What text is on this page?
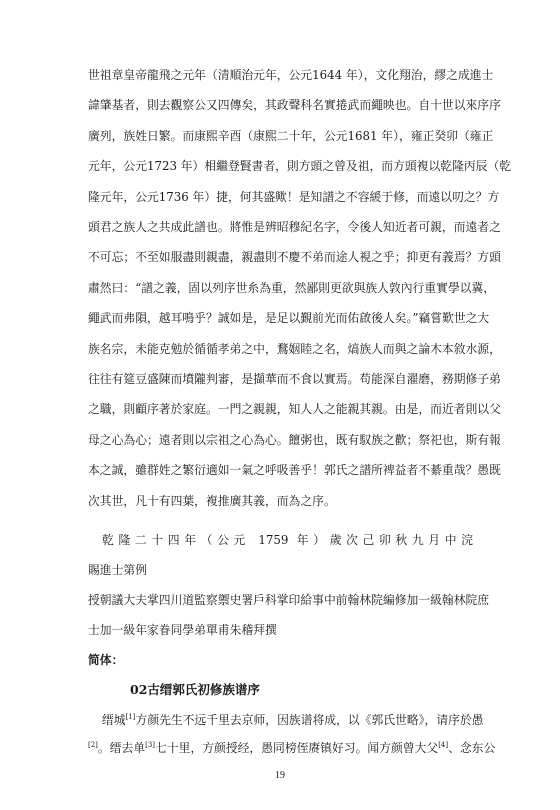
世祖章皇帝龍飛之元年（清順治元年，公元1644 年），文化翔治，繆之成進士
諱肇基者，則去觀察公又四傳矣，其政聲科名實捲武而繩映也。自十世以來序序
廣列，族姓日繁。而康熙辛酉（康熙二十年，公元1681 年），雍正癸卯（雍正
元年，公元1723 年）相繼登賢書者，則方頭之曾及祖，而方頭複以乾隆丙辰（乾
隆元年，公元1736 年）捷，何其盛歟！是知譜之不容緩于修，而遠以叨之？方
頭君之族人之共成此譜也。將惟是辨昭穆紀名字，令後人知近者可親，而遠者之
不可忘；不至如服盡則親盡，親盡則不慶不弟而途人視之乎；抑更有義焉？方頭
肅然曰：“譜之義，固以列序世糸為重，然鄙則更欲與族人敦內行重實學以冀，
繩武而弗隕，越耳鳴乎？誠如是，是足以覲前光而佑啟後人矣。”竊嘗歎世之大
族名宗，未能克勉於循循孝弟之中，鶩姻睦之名，熇族人而與之論木本敘水源，
往往有筵豆盛陳而墳隴判審，是擷華而不食以實焉。苟能深自濯磨，務期修子弟
之職，則顧序著於家庭。一門之親親，知人人之能親其親。由是，而近者則以父
母之心為心；遠者則以宗祖之心為心。饘粥也，既有馭族之歡；祭祀也，斯有報
本之誠，雖群姓之繁衍適如一氣之呼吸善乎！郭氏之譜所裨益者不綦重哉？愚既
次其世，凡十有四葉，複推廣其義，而為之序。
乾隆二十四年（公元 1759 年）歲次己卯秋九月中浣
賜進士第例
授朝議大夫掌四川道監察禦史署戶科掌印給事中前翰林院編修加一級翰林院庶
士加一級年家眷同學弟單甫朱稽拜撰
简体：
02古缙郭氏初修族谱序
缙城[1]方颜先生不远千里去京师，因族谱将成，以《郭氏世略》，请序於愚
[2]。缙去单[3]七十里，方颜授经，愚同榜侄赓镇好习。闻方颜曾大父[4]、念东公
19
